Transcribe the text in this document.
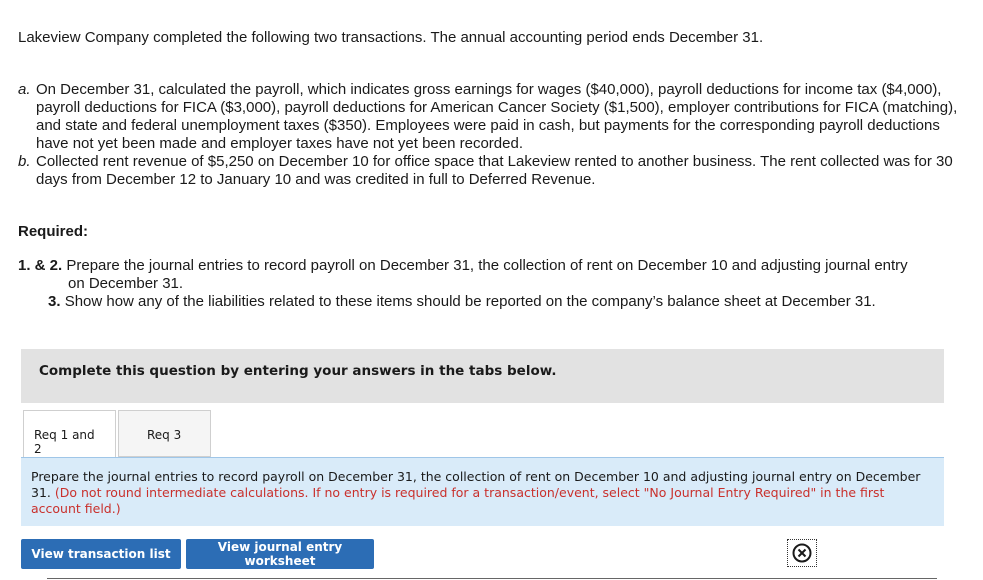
Lakeview Company completed the following two transactions. The annual accounting period ends December 31.
a. On December 31, calculated the payroll, which indicates gross earnings for wages ($40,000), payroll deductions for income tax ($4,000), payroll deductions for FICA ($3,000), payroll deductions for American Cancer Society ($1,500), employer contributions for FICA (matching), and state and federal unemployment taxes ($350). Employees were paid in cash, but payments for the corresponding payroll deductions have not yet been made and employer taxes have not yet been recorded.
b. Collected rent revenue of $5,250 on December 10 for office space that Lakeview rented to another business. The rent collected was for 30 days from December 12 to January 10 and was credited in full to Deferred Revenue.
Required:
1. & 2. Prepare the journal entries to record payroll on December 31, the collection of rent on December 10 and adjusting journal entry
on December 31.
3. Show how any of the liabilities related to these items should be reported on the company’s balance sheet at December 31.
Complete this question by entering your answers in the tabs below.
Req 1 and 2
Req 3
Prepare the journal entries to record payroll on December 31, the collection of rent on December 10 and adjusting journal entry on December 31. (Do not round intermediate calculations. If no entry is required for a transaction/event, select "No Journal Entry Required" in the first account field.)
View transaction list	View journal entry worksheet
